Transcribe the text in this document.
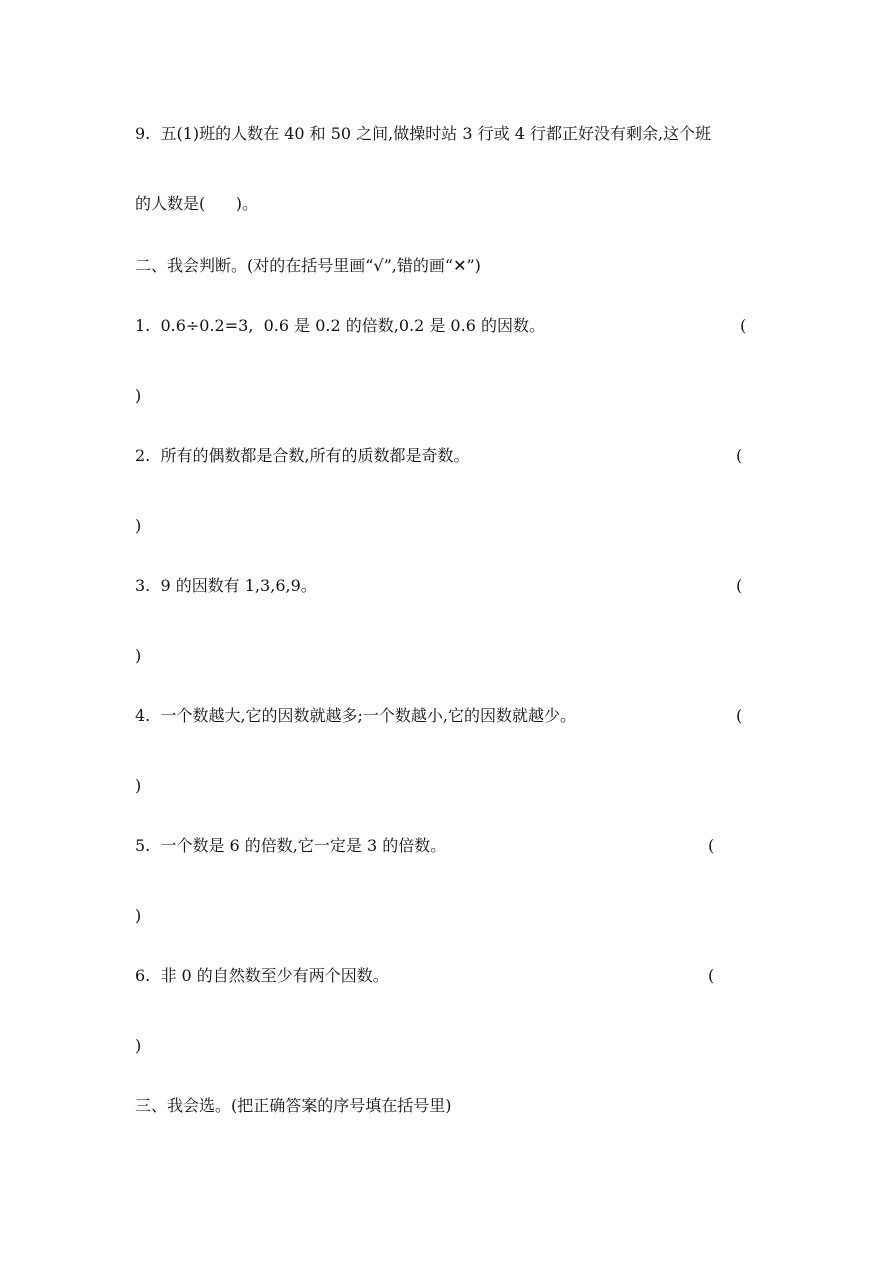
9.  五(1)班的人数在 40 和 50 之间,做操时站 3 行或 4 行都正好没有剩余,这个班
的人数是(      )。
二、我会判断。(对的在括号里画“√”,错的画“✕”)
1.  0.6÷0.2=3,  0.6 是 0.2 的倍数,0.2 是 0.6 的因数。	(
)
2.  所有的偶数都是合数,所有的质数都是奇数。	(
)
3.  9 的因数有 1,3,6,9。	(
)
4.  一个数越大,它的因数就越多;一个数越小,它的因数就越少。	(
)
5.  一个数是 6 的倍数,它一定是 3 的倍数。	(
)
6.  非 0 的自然数至少有两个因数。	(
)
三、我会选。(把正确答案的序号填在括号里)
